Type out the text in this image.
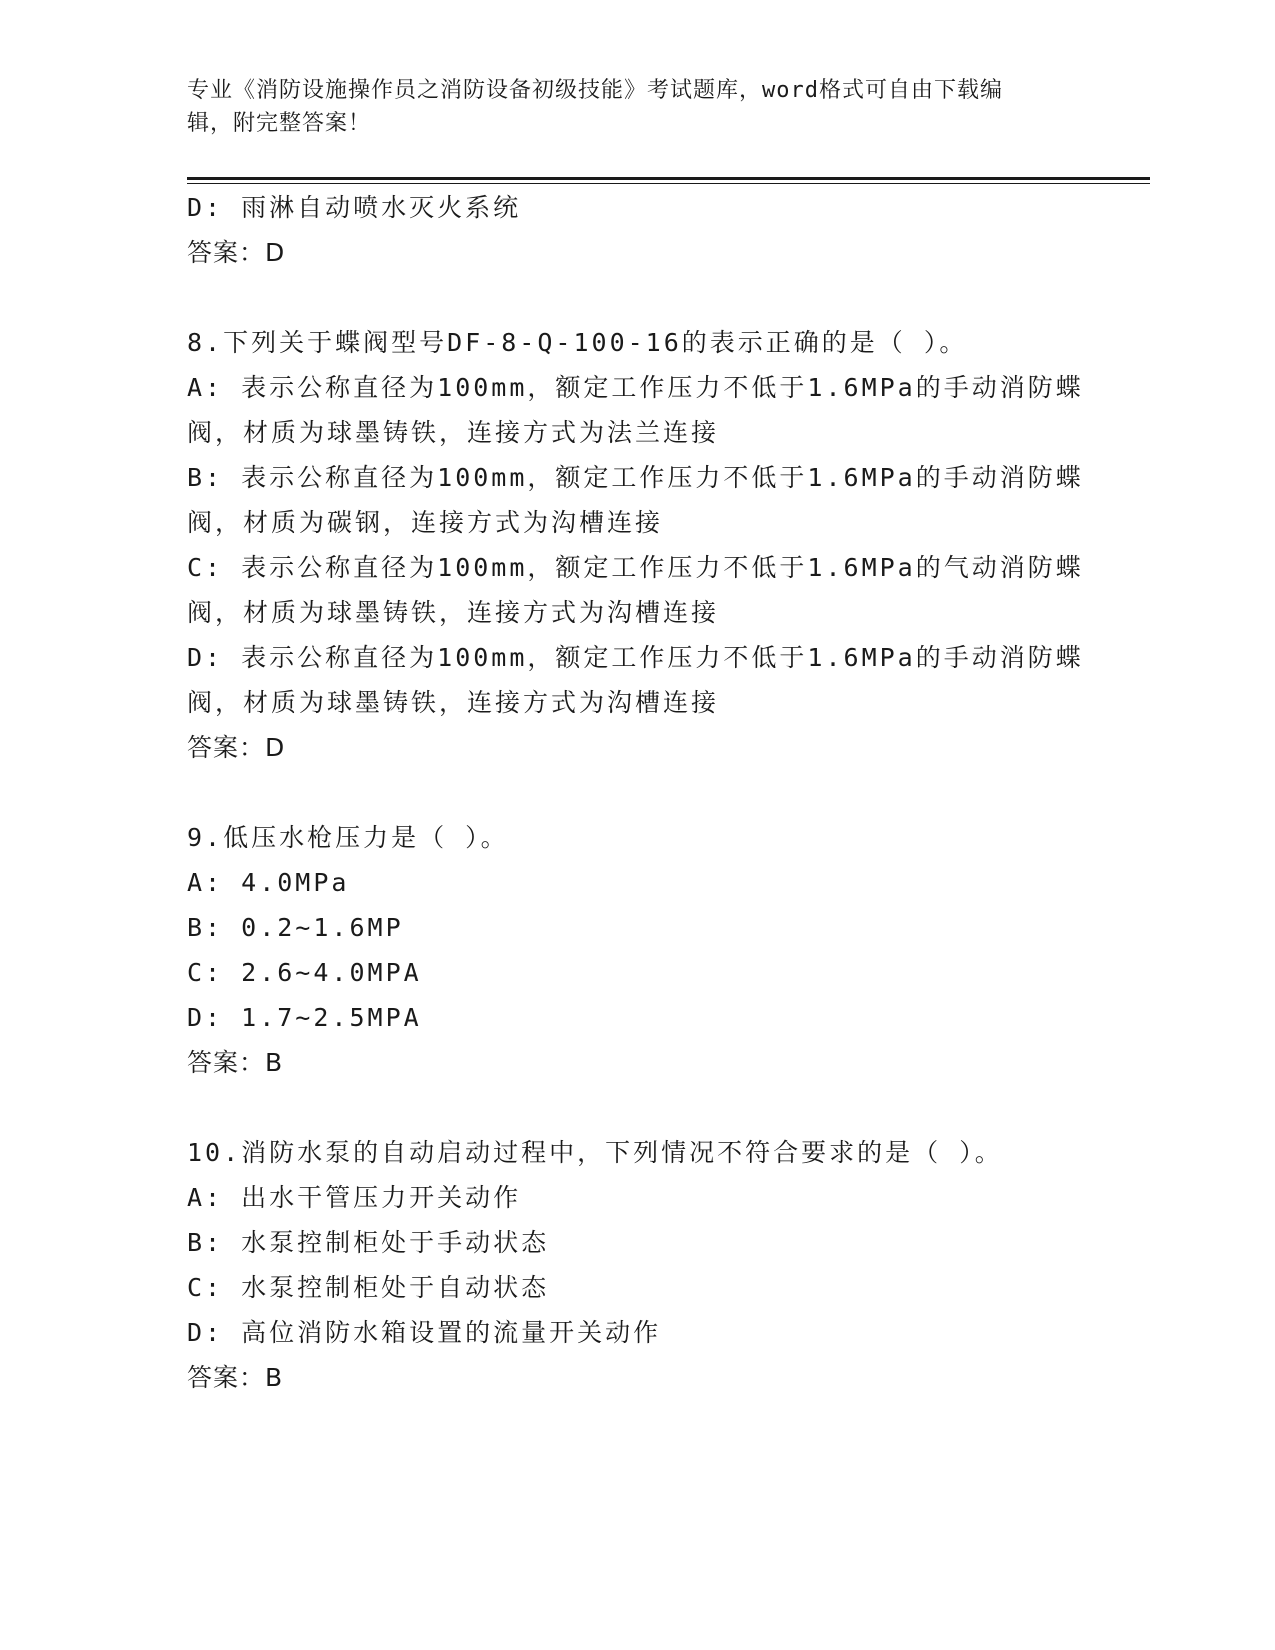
专业《消防设施操作员之消防设备初级技能》考试题库，word格式可自由下载编
辑，附完整答案！
D: 雨淋自动喷水灭火系统
答案：D
8.下列关于蝶阀型号DF-8-Q-100-16的表示正确的是（ ）。
A: 表示公称直径为100mm，额定工作压力不低于1.6MPa的手动消防蝶
阀，材质为球墨铸铁，连接方式为法兰连接
B: 表示公称直径为100mm，额定工作压力不低于1.6MPa的手动消防蝶
阀，材质为碳钢，连接方式为沟槽连接
C: 表示公称直径为100mm，额定工作压力不低于1.6MPa的气动消防蝶
阀，材质为球墨铸铁，连接方式为沟槽连接
D: 表示公称直径为100mm，额定工作压力不低于1.6MPa的手动消防蝶
阀，材质为球墨铸铁，连接方式为沟槽连接
答案：D
9.低压水枪压力是（ ）。
A: 4.0MPa
B: 0.2~1.6MP
C: 2.6~4.0MPA
D: 1.7~2.5MPA
答案：B
10.消防水泵的自动启动过程中，下列情况不符合要求的是（ ）。
A: 出水干管压力开关动作
B: 水泵控制柜处于手动状态
C: 水泵控制柜处于自动状态
D: 高位消防水箱设置的流量开关动作
答案：B
